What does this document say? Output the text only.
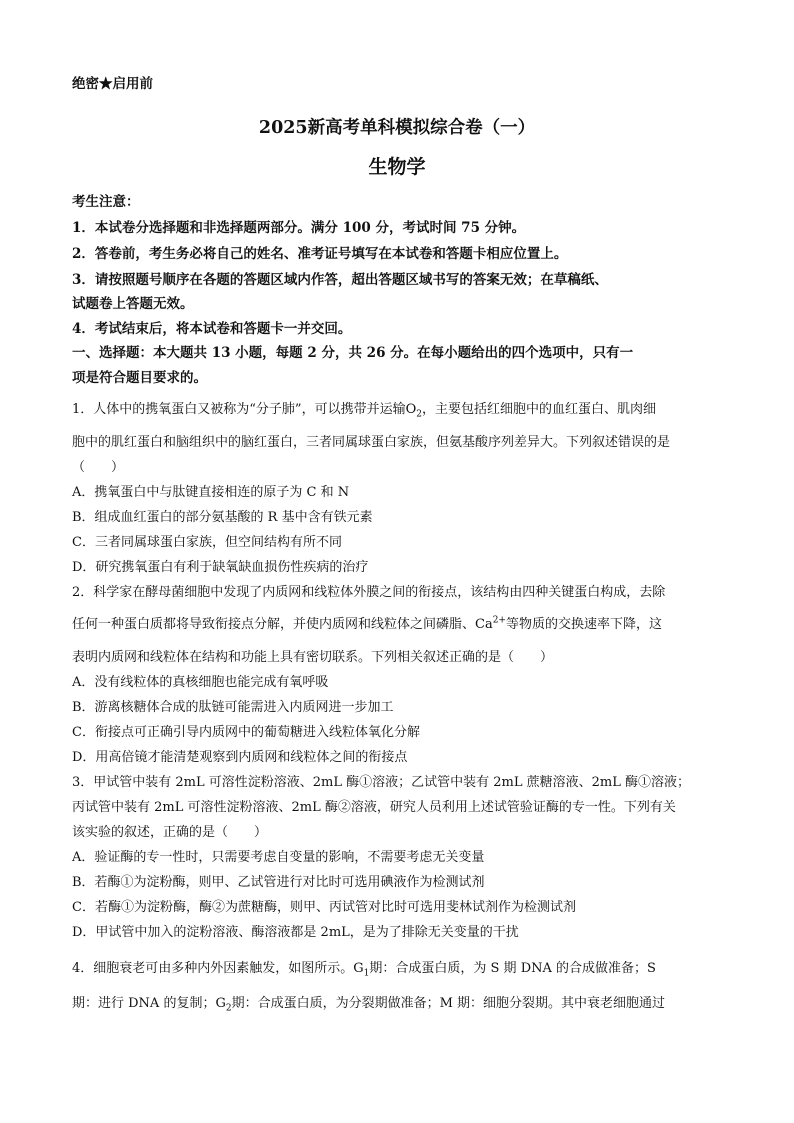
绝密★启用前
2025新高考单科模拟综合卷（一）
生物学
考生注意：
1．本试卷分选择题和非选择题两部分。满分 100 分，考试时间 75 分钟。
2．答卷前，考生务必将自己的姓名、准考证号填写在本试卷和答题卡相应位置上。
3．请按照题号顺序在各题的答题区域内作答，超出答题区域书写的答案无效；在草稿纸、
试题卷上答题无效。
4．考试结束后，将本试卷和答题卡一并交回。
一、选择题：本大题共 13 小题，每题 2 分，共 26 分。在每小题给出的四个选项中，只有一
项是符合题目要求的。
1．人体中的携氧蛋白又被称为“分子肺”，可以携带并运输$O_2$，主要包括红细胞中的血红蛋白、肌肉细
胞中的肌红蛋白和脑组织中的脑红蛋白，三者同属球蛋白家族，但氨基酸序列差异大。下列叙述错误的是
（　　）
A．携氧蛋白中与肽键直接相连的原子为 C 和 N
B．组成血红蛋白的部分氨基酸的 R 基中含有铁元素
C．三者同属球蛋白家族，但空间结构有所不同
D．研究携氧蛋白有利于缺氧缺血损伤性疾病的治疗
2．科学家在酵母菌细胞中发现了内质网和线粒体外膜之间的衔接点，该结构由四种关键蛋白构成，去除
任何一种蛋白质都将导致衔接点分解，并使内质网和线粒体之间磷脂、$Ca^{2+}$等物质的交换速率下降，这
表明内质网和线粒体在结构和功能上具有密切联系。下列相关叙述正确的是（　　）
A．没有线粒体的真核细胞也能完成有氧呼吸
B．游离核糖体合成的肽链可能需进入内质网进一步加工
C．衔接点可正确引导内质网中的葡萄糖进入线粒体氧化分解
D．用高倍镜才能清楚观察到内质网和线粒体之间的衔接点
3．甲试管中装有 2mL 可溶性淀粉溶液、2mL 酶①溶液；乙试管中装有 2mL 蔗糖溶液、2mL 酶①溶液；
丙试管中装有 2mL 可溶性淀粉溶液、2mL 酶②溶液，研究人员利用上述试管验证酶的专一性。下列有关
该实验的叙述，正确的是（　　）
A．验证酶的专一性时，只需要考虑自变量的影响，不需要考虑无关变量
B．若酶①为淀粉酶，则甲、乙试管进行对比时可选用碘液作为检测试剂
C．若酶①为淀粉酶，酶②为蔗糖酶，则甲、丙试管对比时可选用斐林试剂作为检测试剂
D．甲试管中加入的淀粉溶液、酶溶液都是 2mL，是为了排除无关变量的干扰
4．细胞衰老可由多种内外因素触发，如图所示。$G_1$期：合成蛋白质，为 S 期 DNA 的合成做准备；S
期：进行 DNA 的复制；$G_2$期：合成蛋白质，为分裂期做准备；M 期：细胞分裂期。其中衰老细胞通过
